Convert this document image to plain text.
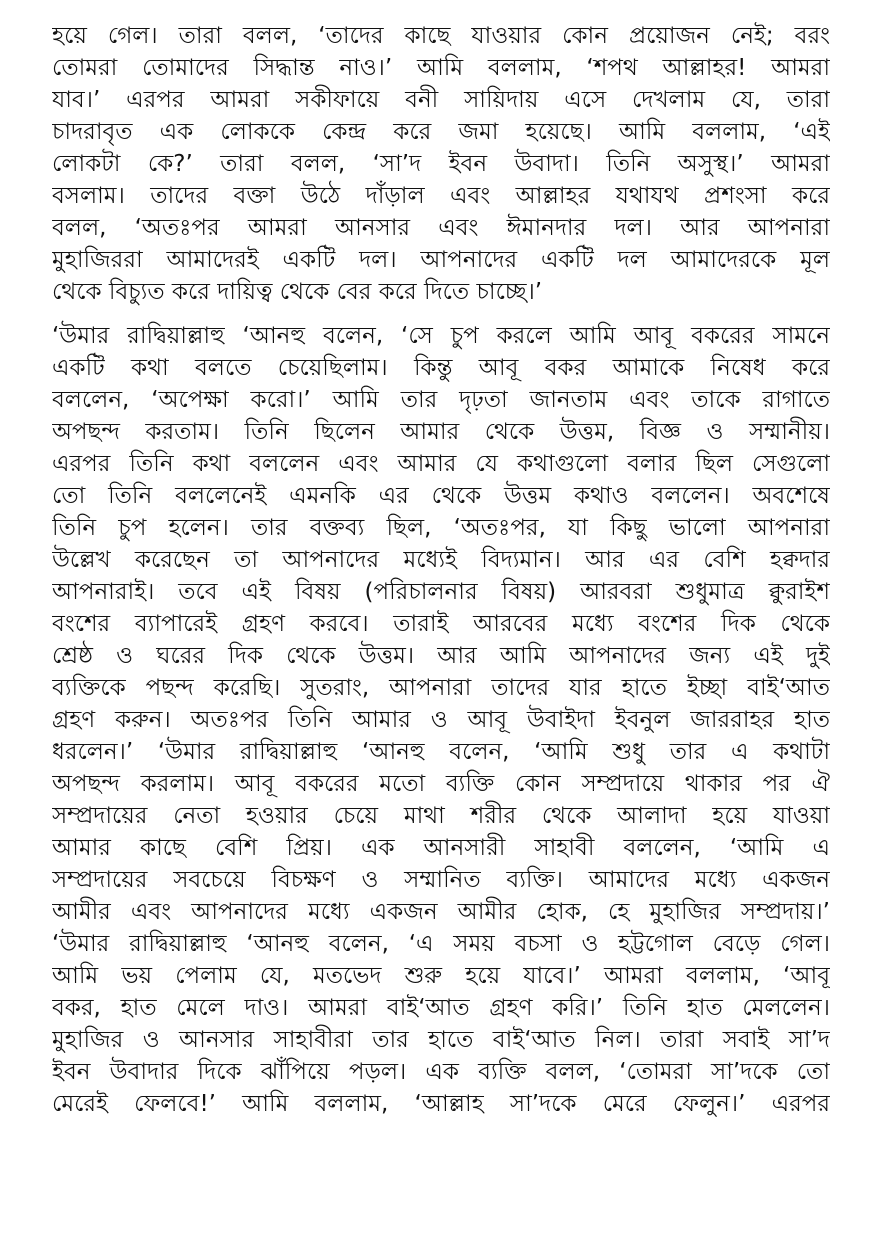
হয়ে গেল। তারা বলল, ‘তাদের কাছে যাওয়ার কোন প্রয়োজন নেই; বরং
তোমরা তোমাদের সিদ্ধান্ত নাও।’ আমি বললাম, ‘শপথ আল্লাহর! আমরা
যাব।’ এরপর আমরা সকীফায়ে বনী সায়িদায় এসে দেখলাম যে, তারা
চাদরাবৃত এক লোককে কেন্দ্র করে জমা হয়েছে। আমি বললাম, ‘এই
লোকটা কে?’ তারা বলল, ‘সা’দ ইবন উবাদা। তিনি অসুস্থ।’ আমরা
বসলাম। তাদের বক্তা উঠে দাঁড়াল এবং আল্লাহর যথাযথ প্রশংসা করে
বলল, ‘অতঃপর আমরা আনসার এবং ঈমানদার দল। আর আপনারা
মুহাজিররা আমাদেরই একটি দল। আপনাদের একটি দল আমাদেরকে মূল
থেকে বিচ্যুত করে দায়িত্ব থেকে বের করে দিতে চাচ্ছে।’

‘উমার রাদ্বিয়াল্লাহু ‘আনহু বলেন, ‘সে চুপ করলে আমি আবূ বকরের সামনে
একটি কথা বলতে চেয়েছিলাম। কিন্তু আবূ বকর আমাকে নিষেধ করে
বললেন, ‘অপেক্ষা করো।’ আমি তার দৃঢ়তা জানতাম এবং তাকে রাগাতে
অপছন্দ করতাম। তিনি ছিলেন আমার থেকে উত্তম, বিজ্ঞ ও সম্মানীয়।
এরপর তিনি কথা বললেন এবং আমার যে কথাগুলো বলার ছিল সেগুলো
তো তিনি বললেনেই এমনকি এর থেকে উত্তম কথাও বললেন। অবশেষে
তিনি চুপ হলেন। তার বক্তব্য ছিল, ‘অতঃপর, যা কিছু ভালো আপনারা
উল্লেখ করেছেন তা আপনাদের মধ্যেই বিদ্যমান। আর এর বেশি হক্বদার
আপনারাই। তবে এই বিষয় (পরিচালনার বিষয়) আরবরা শুধুমাত্র ক্বুরাইশ
বংশের ব্যাপারেই গ্রহণ করবে। তারাই আরবের মধ্যে বংশের দিক থেকে
শ্রেষ্ঠ ও ঘরের দিক থেকে উত্তম। আর আমি আপনাদের জন্য এই দুই
ব্যক্তিকে পছন্দ করেছি। সুতরাং, আপনারা তাদের যার হাতে ইচ্ছা বাই‘আত
গ্রহণ করুন। অতঃপর তিনি আমার ও আবূ উবাইদা ইবনুল জাররাহর হাত
ধরলেন।’ ‘উমার রাদ্বিয়াল্লাহু ‘আনহু বলেন, ‘আমি শুধু তার এ কথাটা
অপছন্দ করলাম। আবূ বকরের মতো ব্যক্তি কোন সম্প্রদায়ে থাকার পর ঐ
সম্প্রদায়ের নেতা হওয়ার চেয়ে মাথা শরীর থেকে আলাদা হয়ে যাওয়া
আমার কাছে বেশি প্রিয়। এক আনসারী সাহাবী বললেন, ‘আমি এ
সম্প্রদায়ের সবচেয়ে বিচক্ষণ ও সম্মানিত ব্যক্তি। আমাদের মধ্যে একজন
আমীর এবং আপনাদের মধ্যে একজন আমীর হোক, হে মুহাজির সম্প্রদায়।’
‘উমার রাদ্বিয়াল্লাহু ‘আনহু বলেন, ‘এ সময় বচসা ও হট্টগোল বেড়ে গেল।
আমি ভয় পেলাম যে, মতভেদ শুরু হয়ে যাবে।’ আমরা বললাম, ‘আবূ
বকর, হাত মেলে দাও। আমরা বাই‘আত গ্রহণ করি।’ তিনি হাত মেললেন।
মুহাজির ও আনসার সাহাবীরা তার হাতে বাই‘আত নিল। তারা সবাই সা’দ
ইবন উবাদার দিকে ঝাঁপিয়ে পড়ল। এক ব্যক্তি বলল, ‘তোমরা সা’দকে তো
মেরেই ফেলবে!’ আমি বললাম, ‘আল্লাহ সা’দকে মেরে ফেলুন।’ এরপর
